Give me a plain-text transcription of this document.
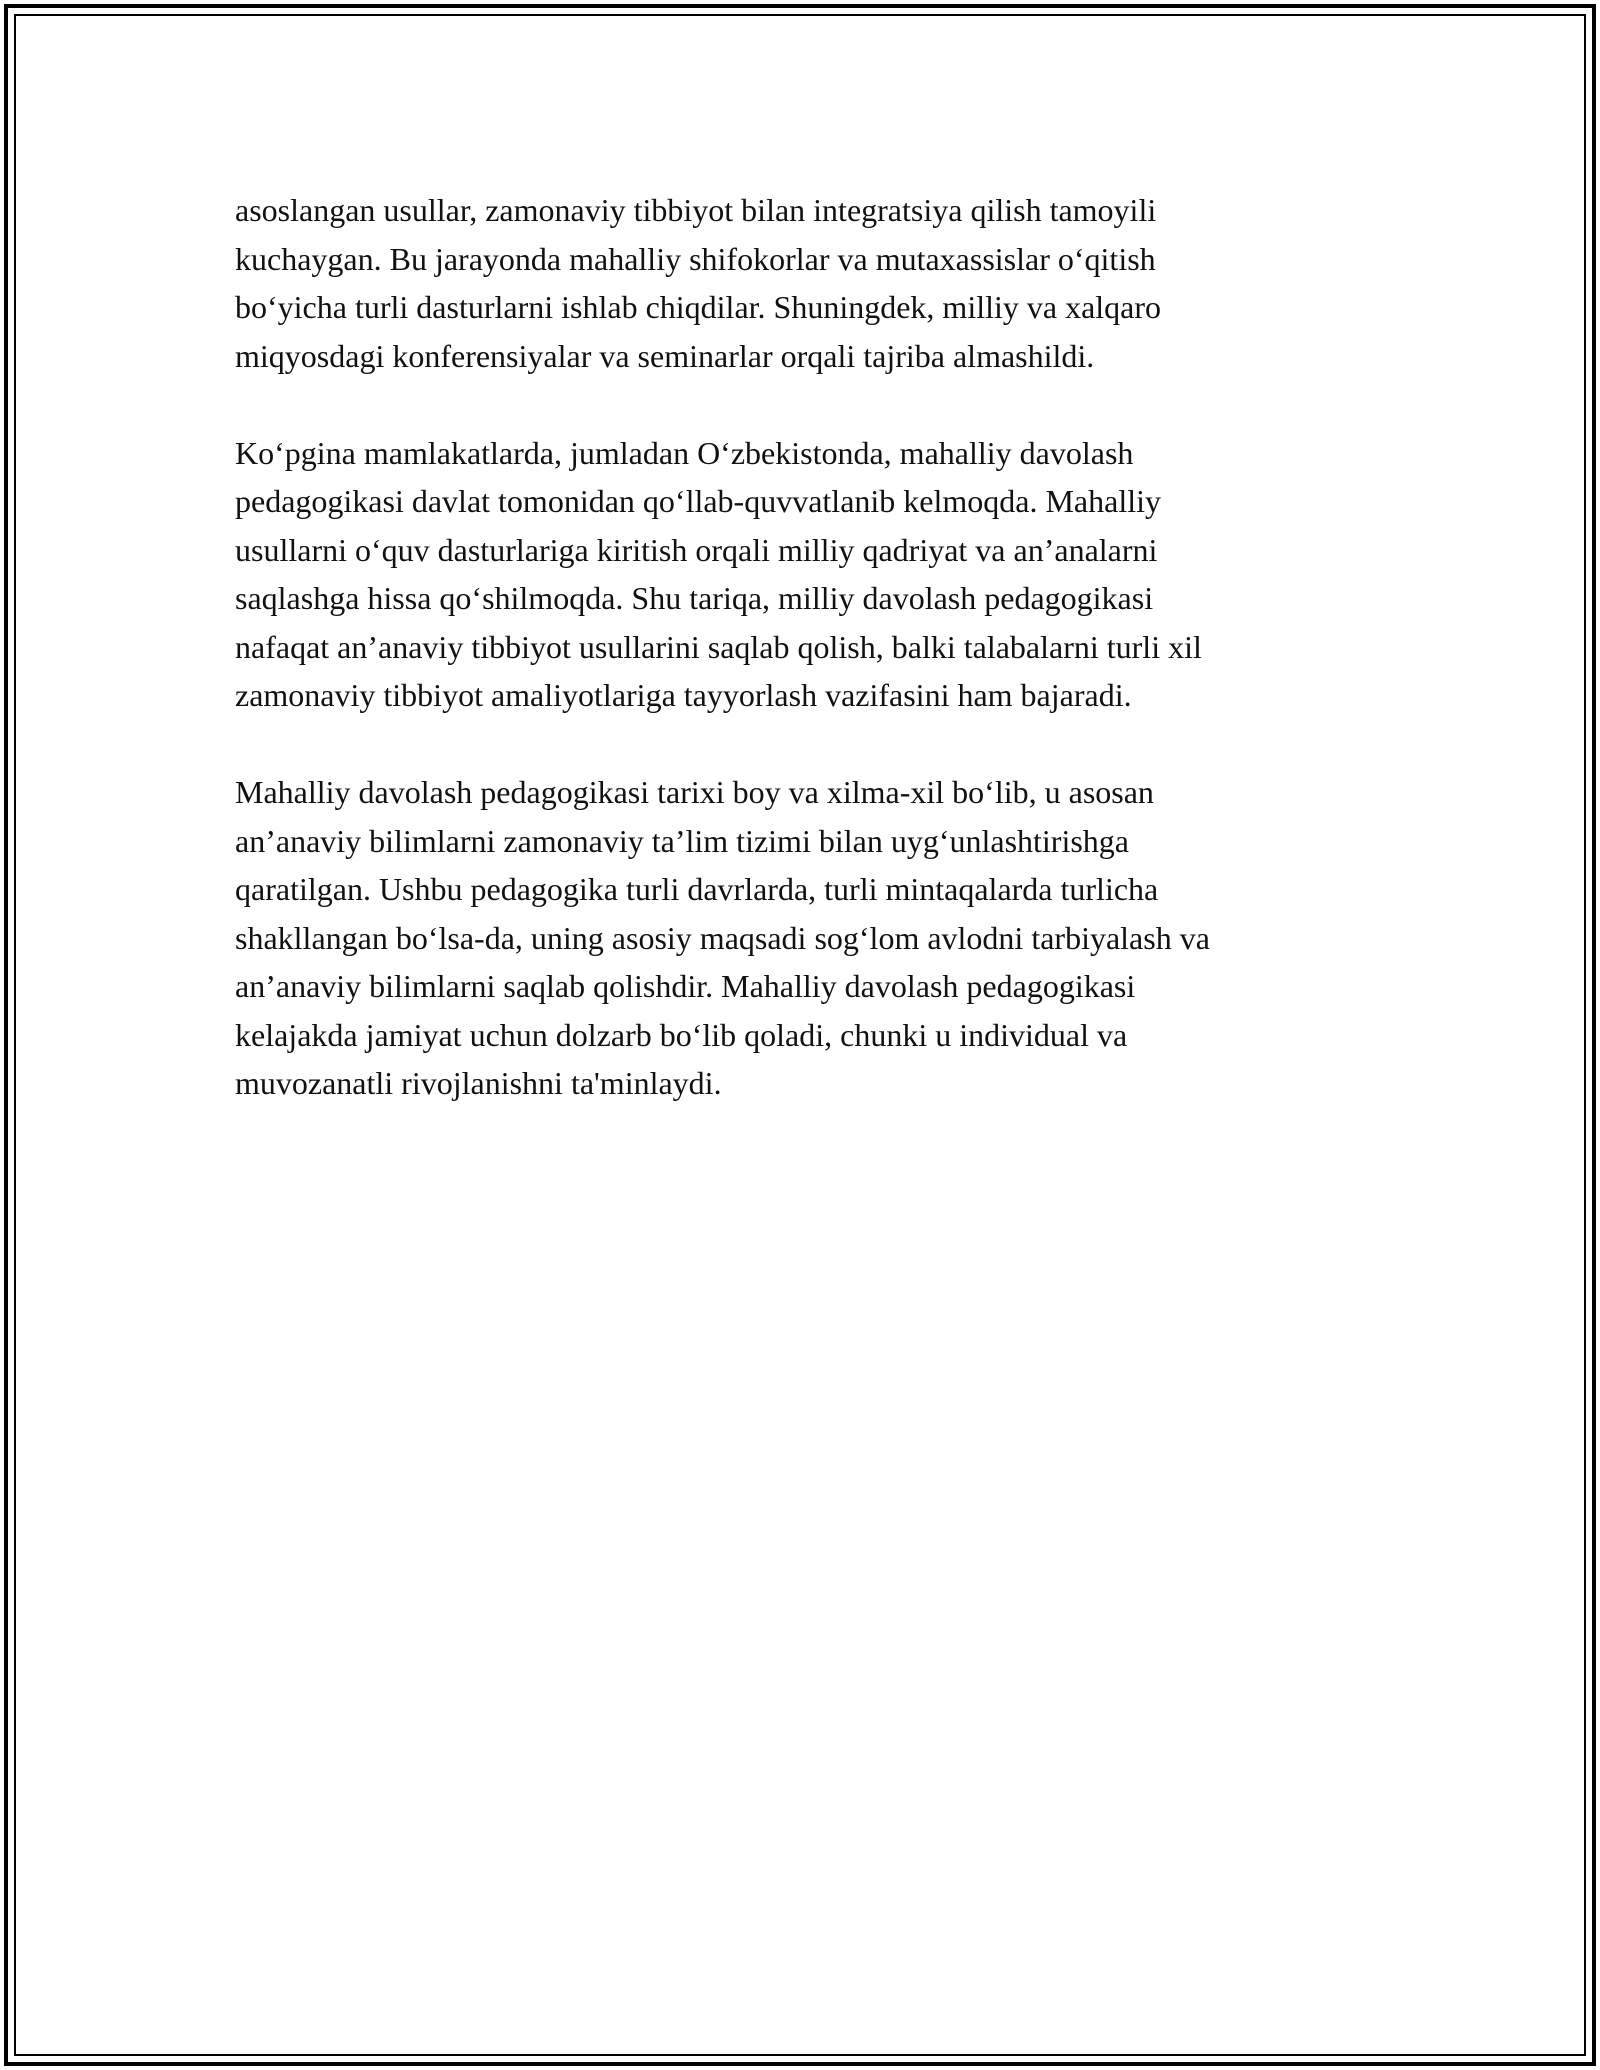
asoslangan usullar, zamonaviy tibbiyot bilan integratsiya qilish tamoyili
kuchaygan. Bu jarayonda mahalliy shifokorlar va mutaxassislar o‘qitish
bo‘yicha turli dasturlarni ishlab chiqdilar. Shuningdek, milliy va xalqaro
miqyosdagi konferensiyalar va seminarlar orqali tajriba almashildi.

Ko‘pgina mamlakatlarda, jumladan O‘zbekistonda, mahalliy davolash
pedagogikasi davlat tomonidan qo‘llab-quvvatlanib kelmoqda. Mahalliy
usullarni o‘quv dasturlariga kiritish orqali milliy qadriyat va an’analarni
saqlashga hissa qo‘shilmoqda. Shu tariqa, milliy davolash pedagogikasi
nafaqat an’anaviy tibbiyot usullarini saqlab qolish, balki talabalarni turli xil
zamonaviy tibbiyot amaliyotlariga tayyorlash vazifasini ham bajaradi.

Mahalliy davolash pedagogikasi tarixi boy va xilma-xil bo‘lib, u asosan
an’anaviy bilimlarni zamonaviy ta’lim tizimi bilan uyg‘unlashtirishga
qaratilgan. Ushbu pedagogika turli davrlarda, turli mintaqalarda turlicha
shakllangan bo‘lsa-da, uning asosiy maqsadi sog‘lom avlodni tarbiyalash va
an’anaviy bilimlarni saqlab qolishdir. Mahalliy davolash pedagogikasi
kelajakda jamiyat uchun dolzarb bo‘lib qoladi, chunki u individual va
muvozanatli rivojlanishni ta'minlaydi.
